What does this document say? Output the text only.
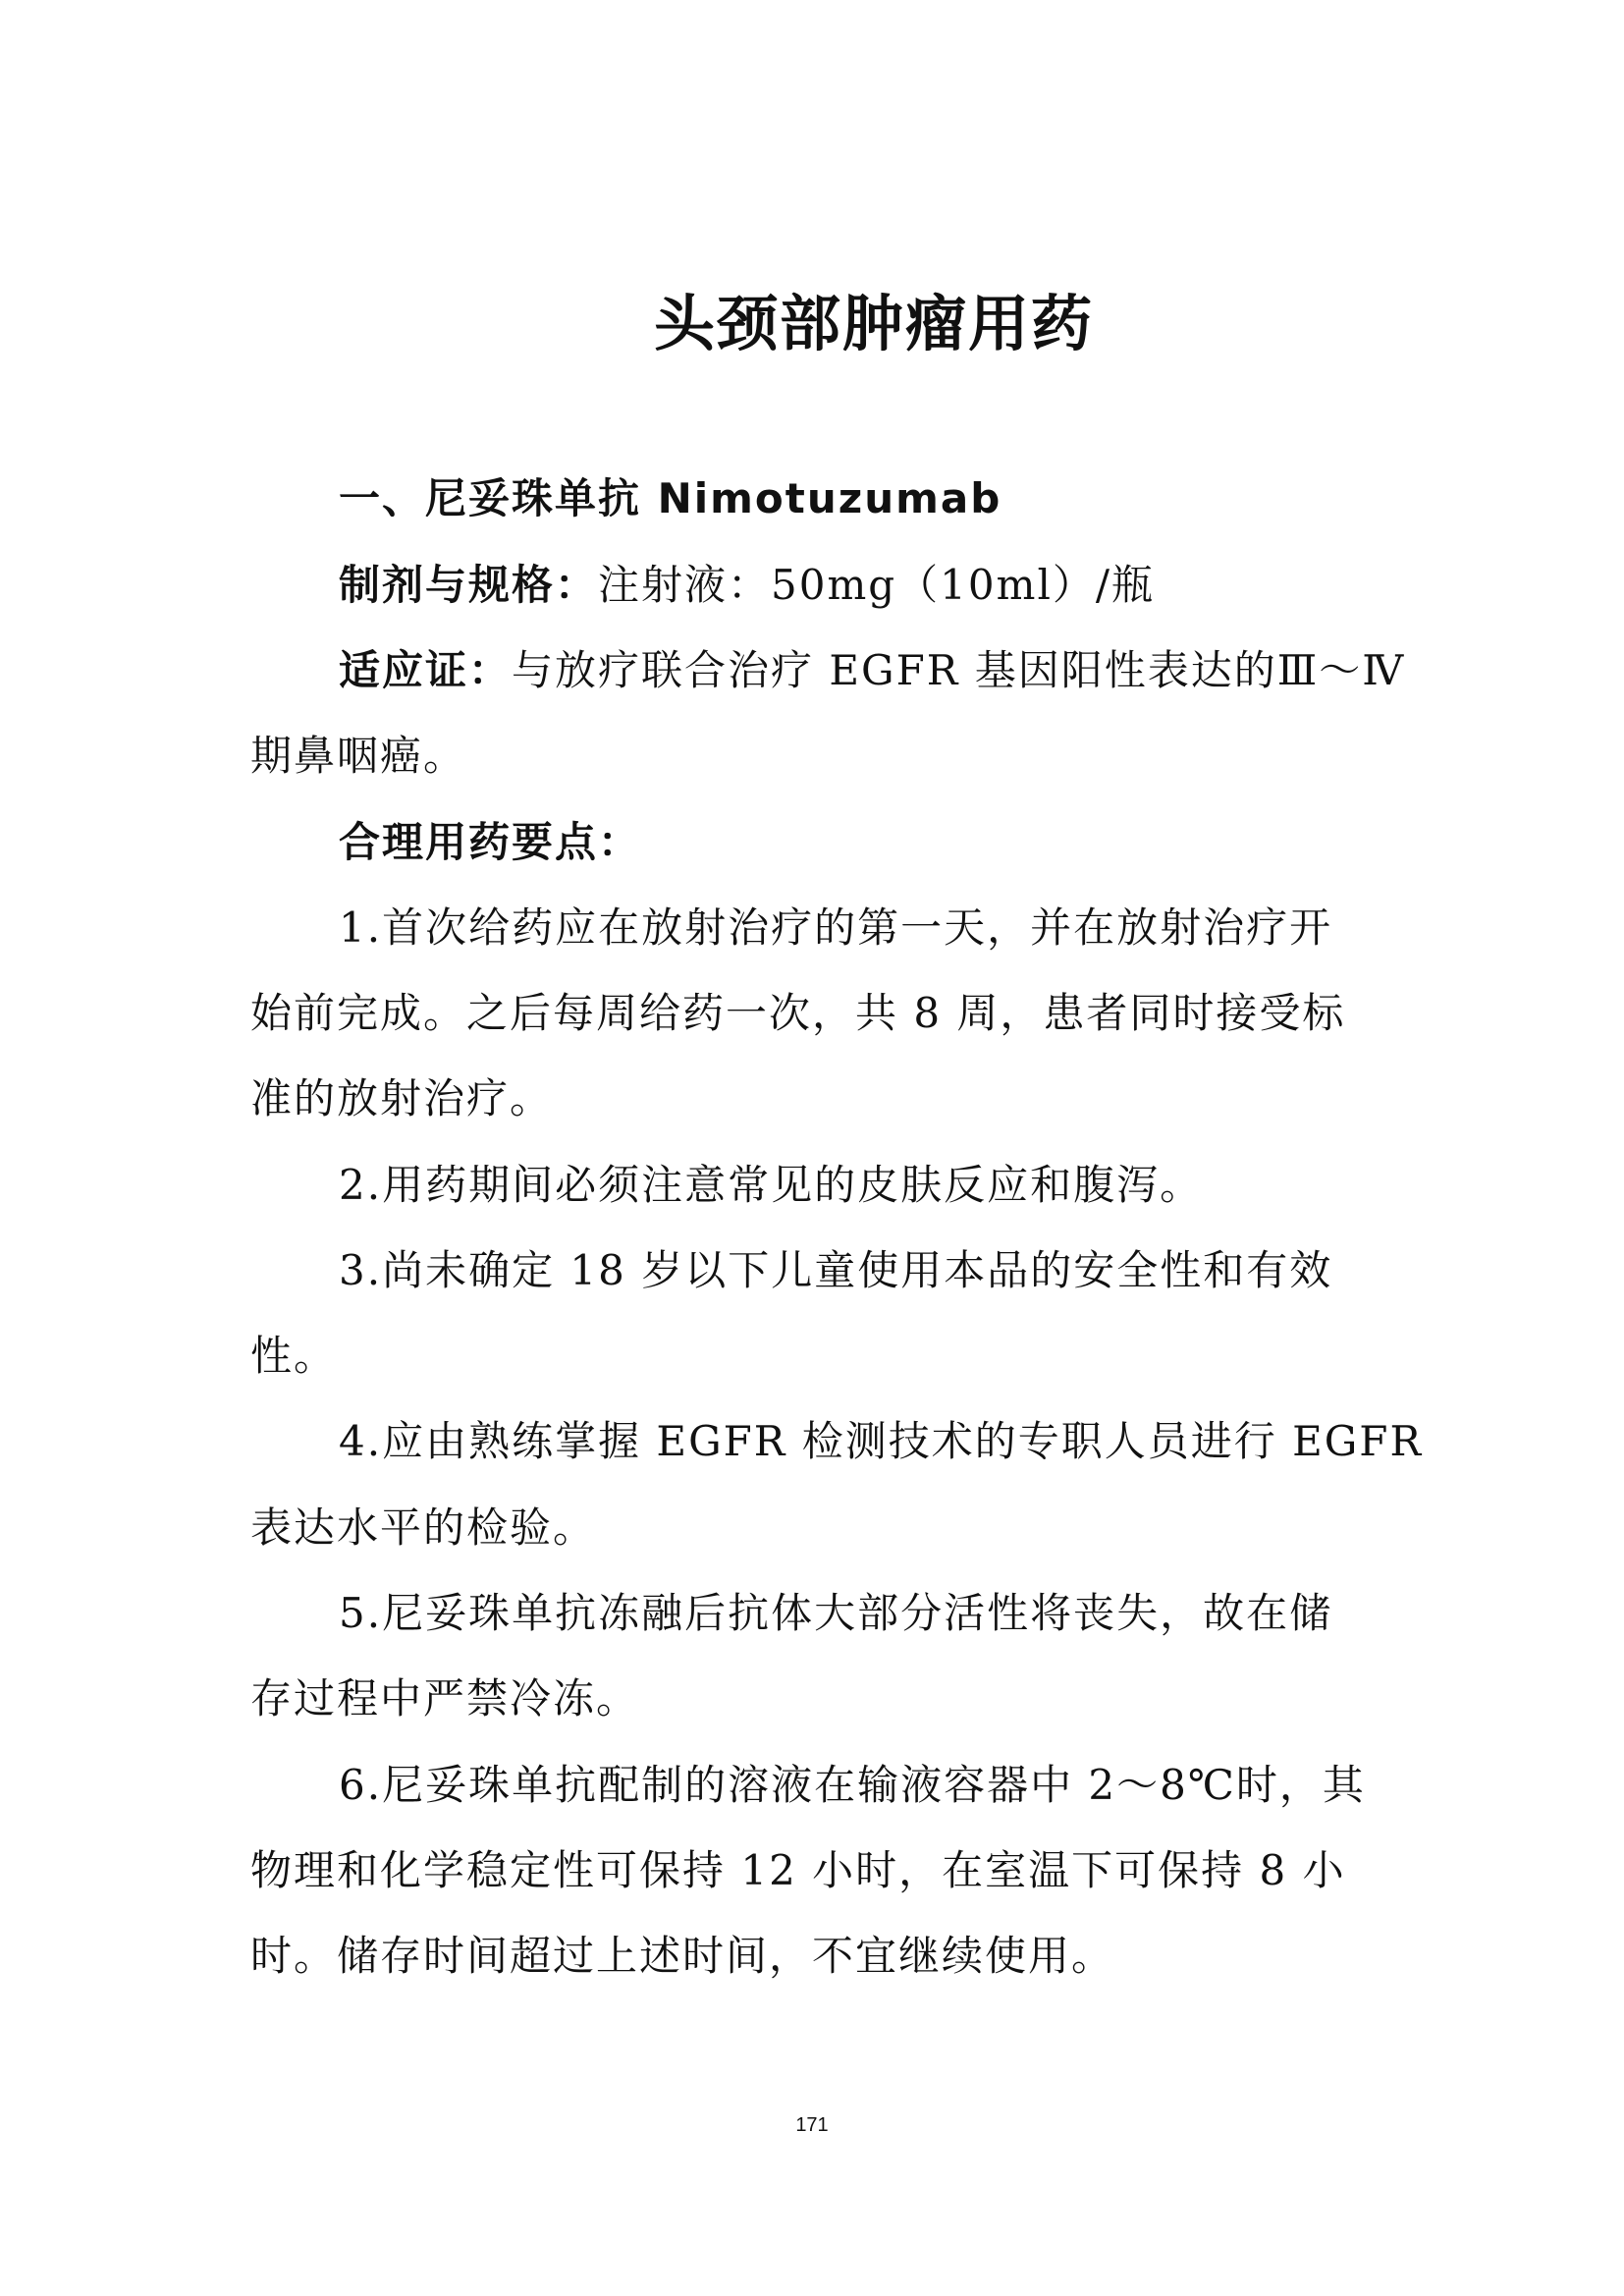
头颈部肿瘤用药
一、尼妥珠单抗 Nimotuzumab
制剂与规格：注射液：50mg（10ml）/瓶
适应证：与放疗联合治疗 EGFR 基因阳性表达的Ⅲ～Ⅳ
期鼻咽癌。
合理用药要点：
1.首次给药应在放射治疗的第一天，并在放射治疗开
始前完成。之后每周给药一次，共 8 周，患者同时接受标
准的放射治疗。
2.用药期间必须注意常见的皮肤反应和腹泻。
3.尚未确定 18 岁以下儿童使用本品的安全性和有效
性。
4.应由熟练掌握 EGFR 检测技术的专职人员进行 EGFR
表达水平的检验。
5.尼妥珠单抗冻融后抗体大部分活性将丧失，故在储
存过程中严禁冷冻。
6.尼妥珠单抗配制的溶液在输液容器中 2～8℃时，其
物理和化学稳定性可保持 12 小时，在室温下可保持 8 小
时。储存时间超过上述时间，不宜继续使用。
171
